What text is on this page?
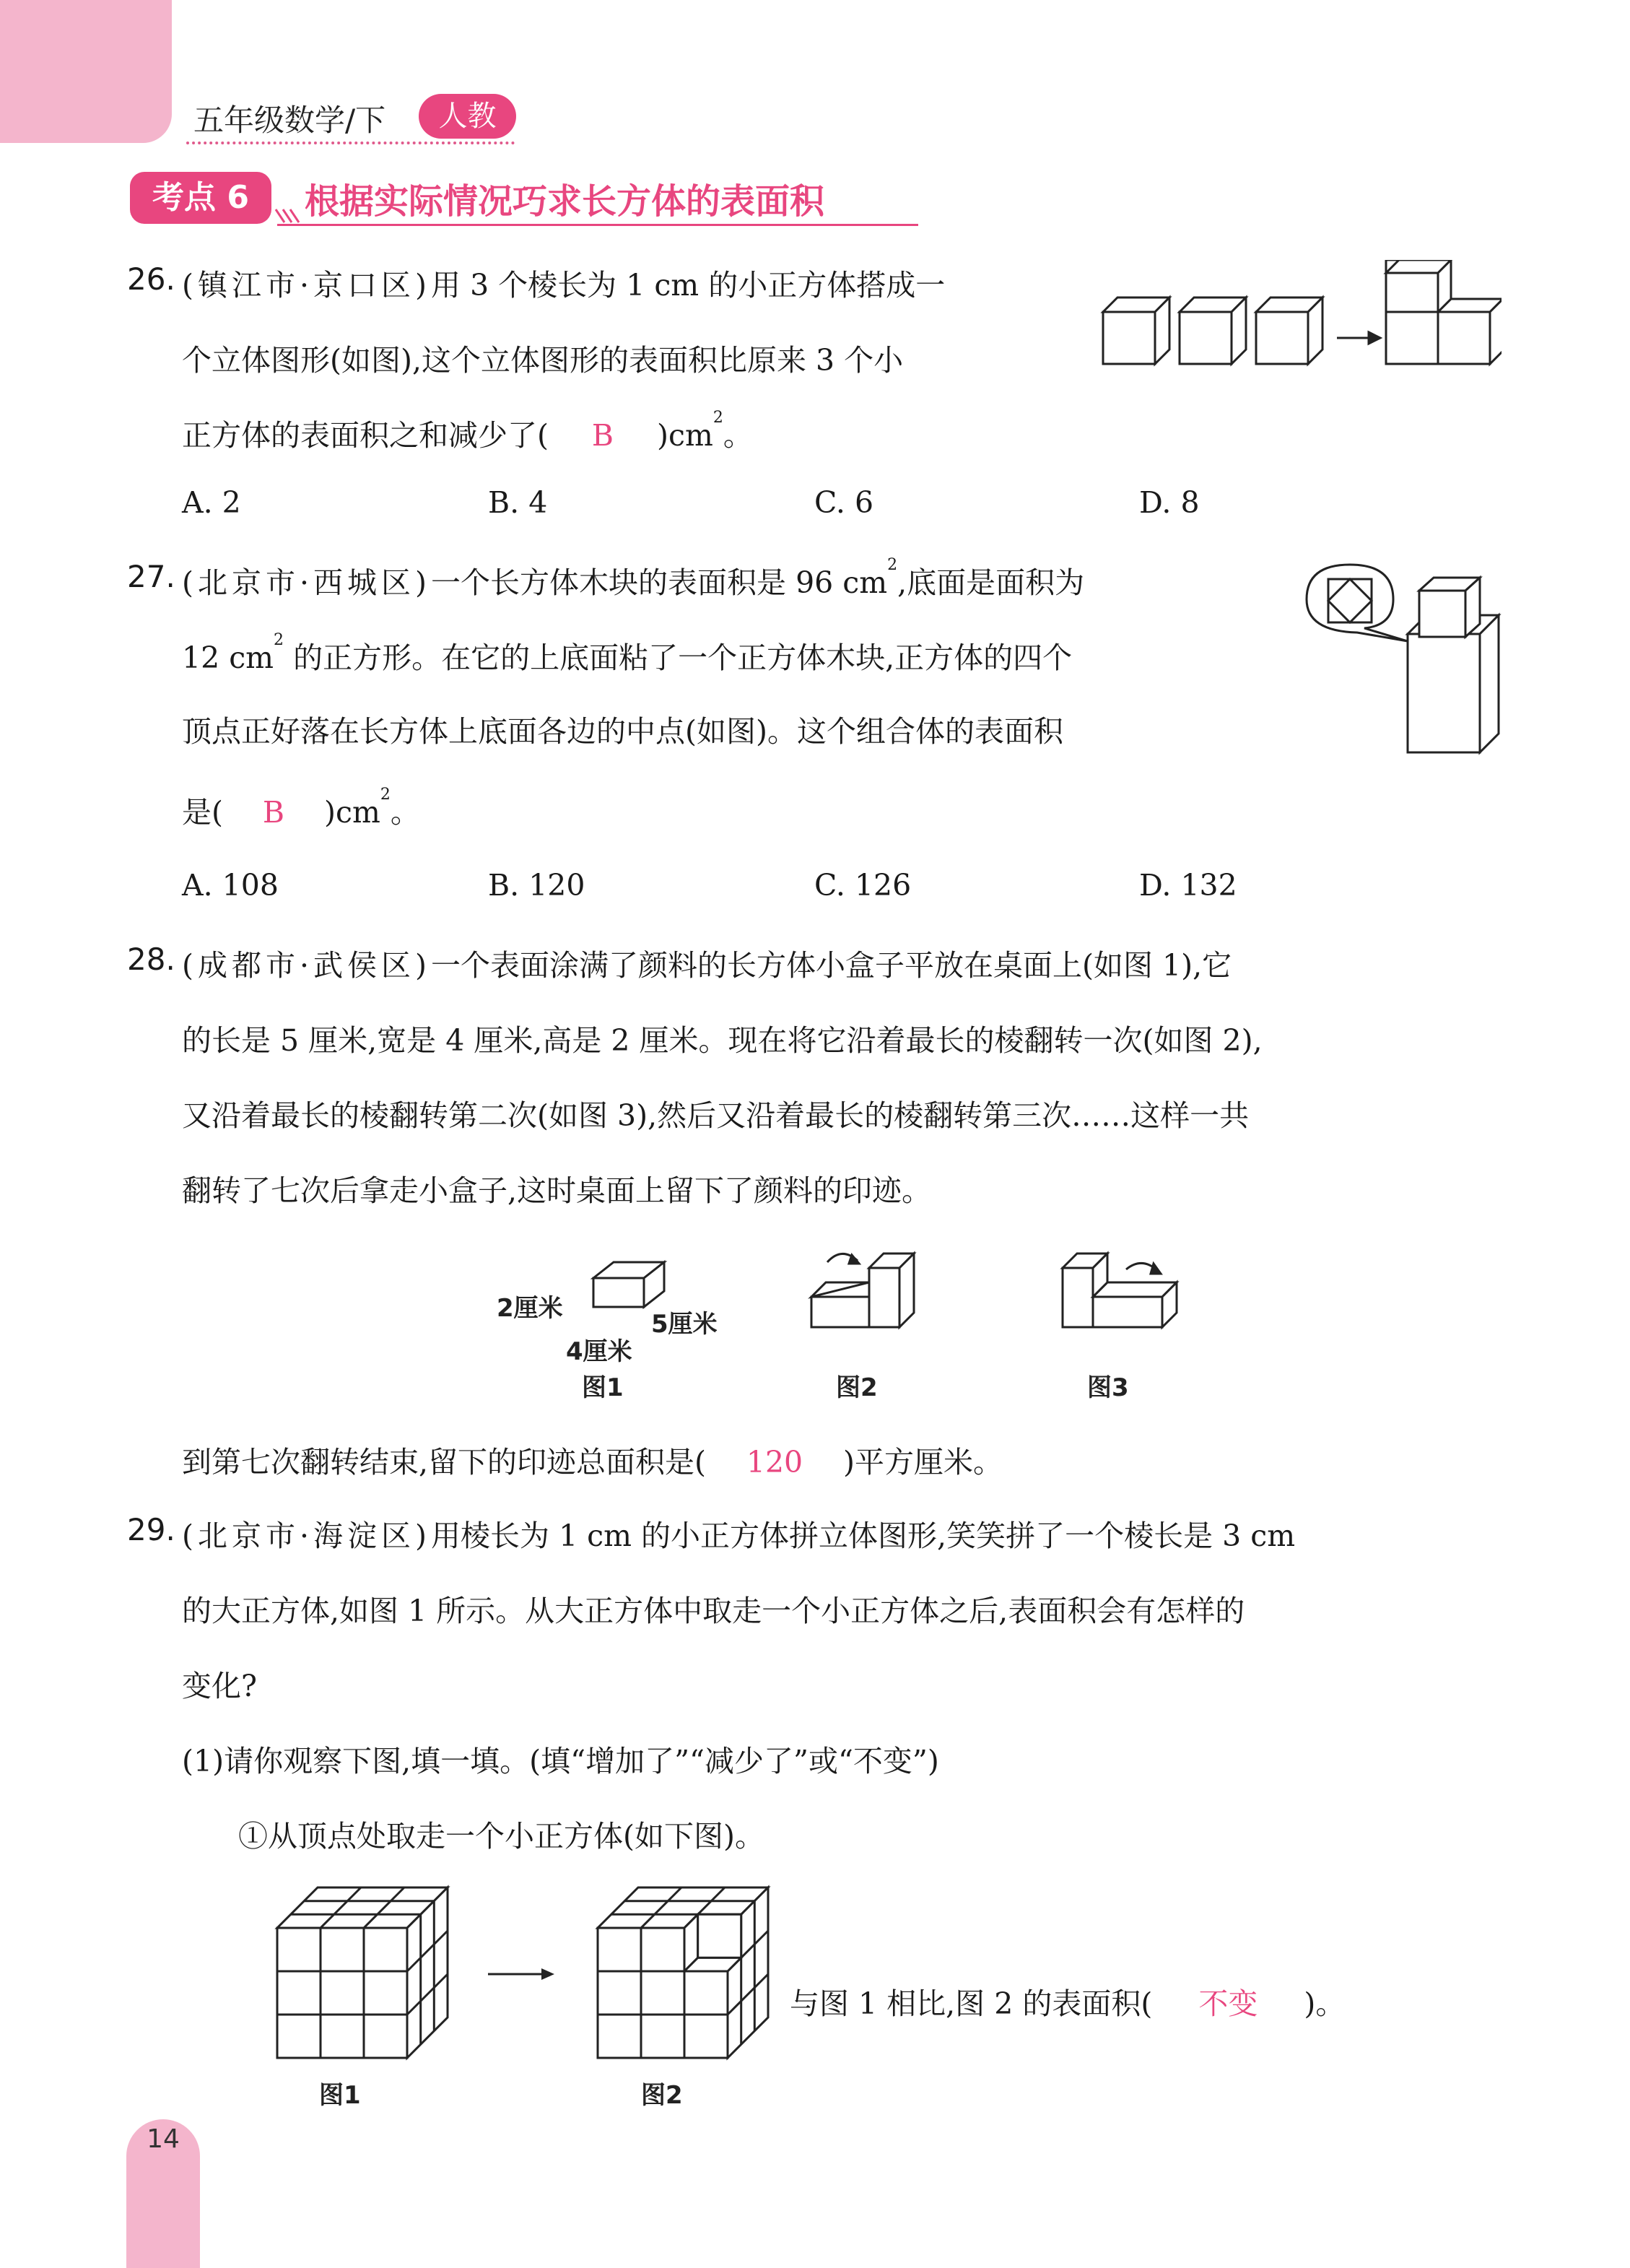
五年级数学/下	人教
考点 6	根据实际情况巧求长方体的表面积
26. (镇江市·京口区)用 3 个棱长为 1 cm 的小正方体搭成一
个立体图形(如图),这个立体图形的表面积比原来 3 个小
正方体的表面积之和减少了( B )$cm^2$。
A. 2	B. 4	C. 6	D. 8
27. (北京市·西城区)一个长方体木块的表面积是 96 $cm^2$,底面是面积为
12 $cm^2$ 的正方形。在它的上底面粘了一个正方体木块,正方体的四个
顶点正好落在长方体上底面各边的中点(如图)。这个组合体的表面积
是( B )$cm^2$。
A. 108	B. 120	C. 126	D. 132
28. (成都市·武侯区)一个表面涂满了颜料的长方体小盒子平放在桌面上(如图 1),它
的长是 5 厘米,宽是 4 厘米,高是 2 厘米。现在将它沿着最长的棱翻转一次(如图 2),
又沿着最长的棱翻转第二次(如图 3),然后又沿着最长的棱翻转第三次……这样一共
翻转了七次后拿走小盒子,这时桌面上留下了颜料的印迹。
2厘米
5厘米
4厘米
图1	图2	图3
到第七次翻转结束,留下的印迹总面积是( 120 )平方厘米。
29. (北京市·海淀区)用棱长为 1 cm 的小正方体拼立体图形,笑笑拼了一个棱长是 3 cm
的大正方体,如图 1 所示。从大正方体中取走一个小正方体之后,表面积会有怎样的
变化?
(1)请你观察下图,填一填。(填“增加了”“减少了”或“不变”)
①从顶点处取走一个小正方体(如下图)。
图1	图2
与图 1 相比,图 2 的表面积( 不变 )。
14
